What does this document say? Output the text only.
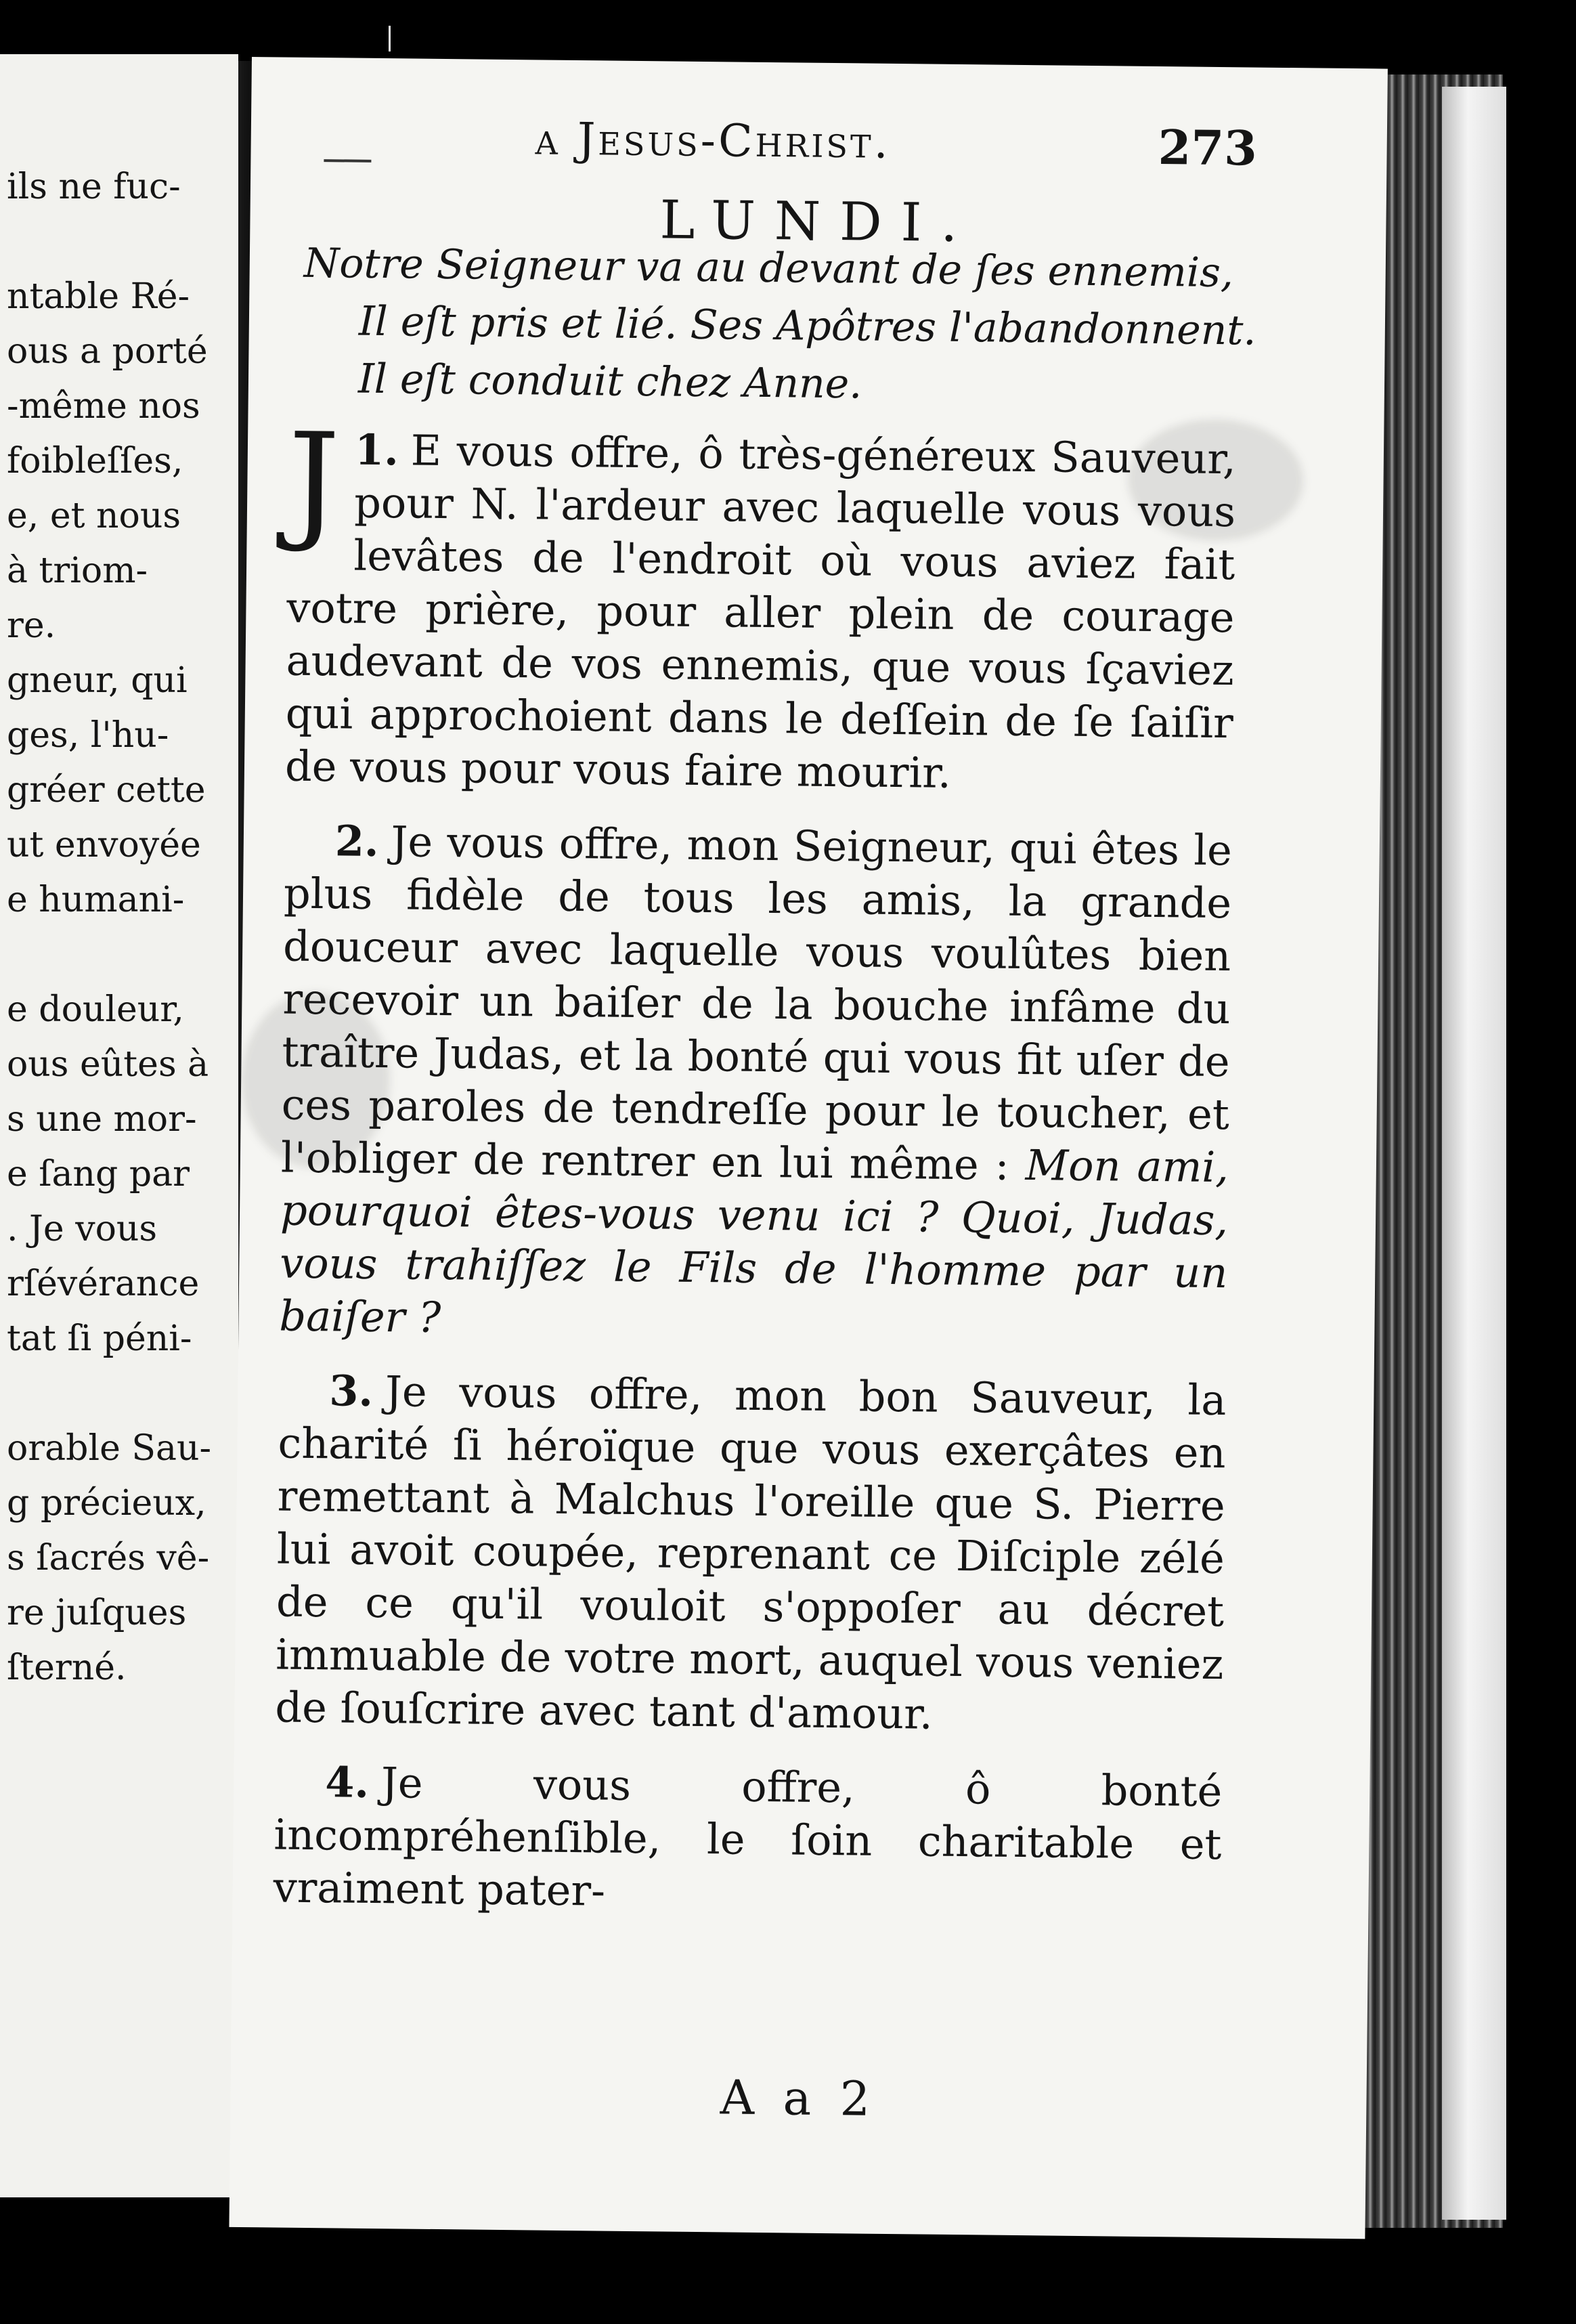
ils ne fuc-
ntable Ré-
ous a porté
-même nos
foibleſſes,
e, et nous
à triom-
re.
gneur, qui
ges, l'hu-
gréer cette
ut envoyée
e humani-
e douleur,
ous eûtes à
s une mor-
e ſang par
. Je vous
rſévérance
tat ſi péni-
orable Sau-
g précieux,
s ſacrés vê-
re juſques
ſterné.
a Jesus-Christ.	273
LUNDI.
Notre Seigneur va au devant de ſes ennemis,
Il eſt pris et lié. Ses Apôtres l'abandonnent.
Il eſt conduit chez Anne.

1.
J E vous offre, ô très-généreux Sauveur, pour N. l'ardeur avec laquelle vous vous levâtes de l'endroit où vous aviez fait votre prière, pour aller plein de courage audevant de vos ennemis, que vous ſçaviez qui approchoient dans le deſſein de ſe ſaiſir de vous pour vous faire mourir.

2. Je vous offre, mon Seigneur, qui êtes le plus fidèle de tous les amis, la grande douceur avec laquelle vous voulûtes bien recevoir un baiſer de la bouche infâme du traître Judas, et la bonté qui vous fit uſer de ces paroles de tendreſſe pour le toucher, et l'obliger de rentrer en lui même : Mon ami, pourquoi êtes-vous venu ici ? Quoi, Judas, vous trahiſſez le Fils de l'homme par un baiſer ?

3. Je vous offre, mon bon Sauveur, la charité ſi héroïque que vous exerçâtes en remettant à Malchus l'oreille que S. Pierre lui avoit coupée, reprenant ce Diſciple zélé de ce qu'il vouloit s'oppoſer au décret immuable de votre mort, auquel vous veniez de ſouſcrire avec tant d'amour.

4. Je vous offre, ô bonté incompréhenſible, le ſoin charitable et vraiment pater-

A a 2
